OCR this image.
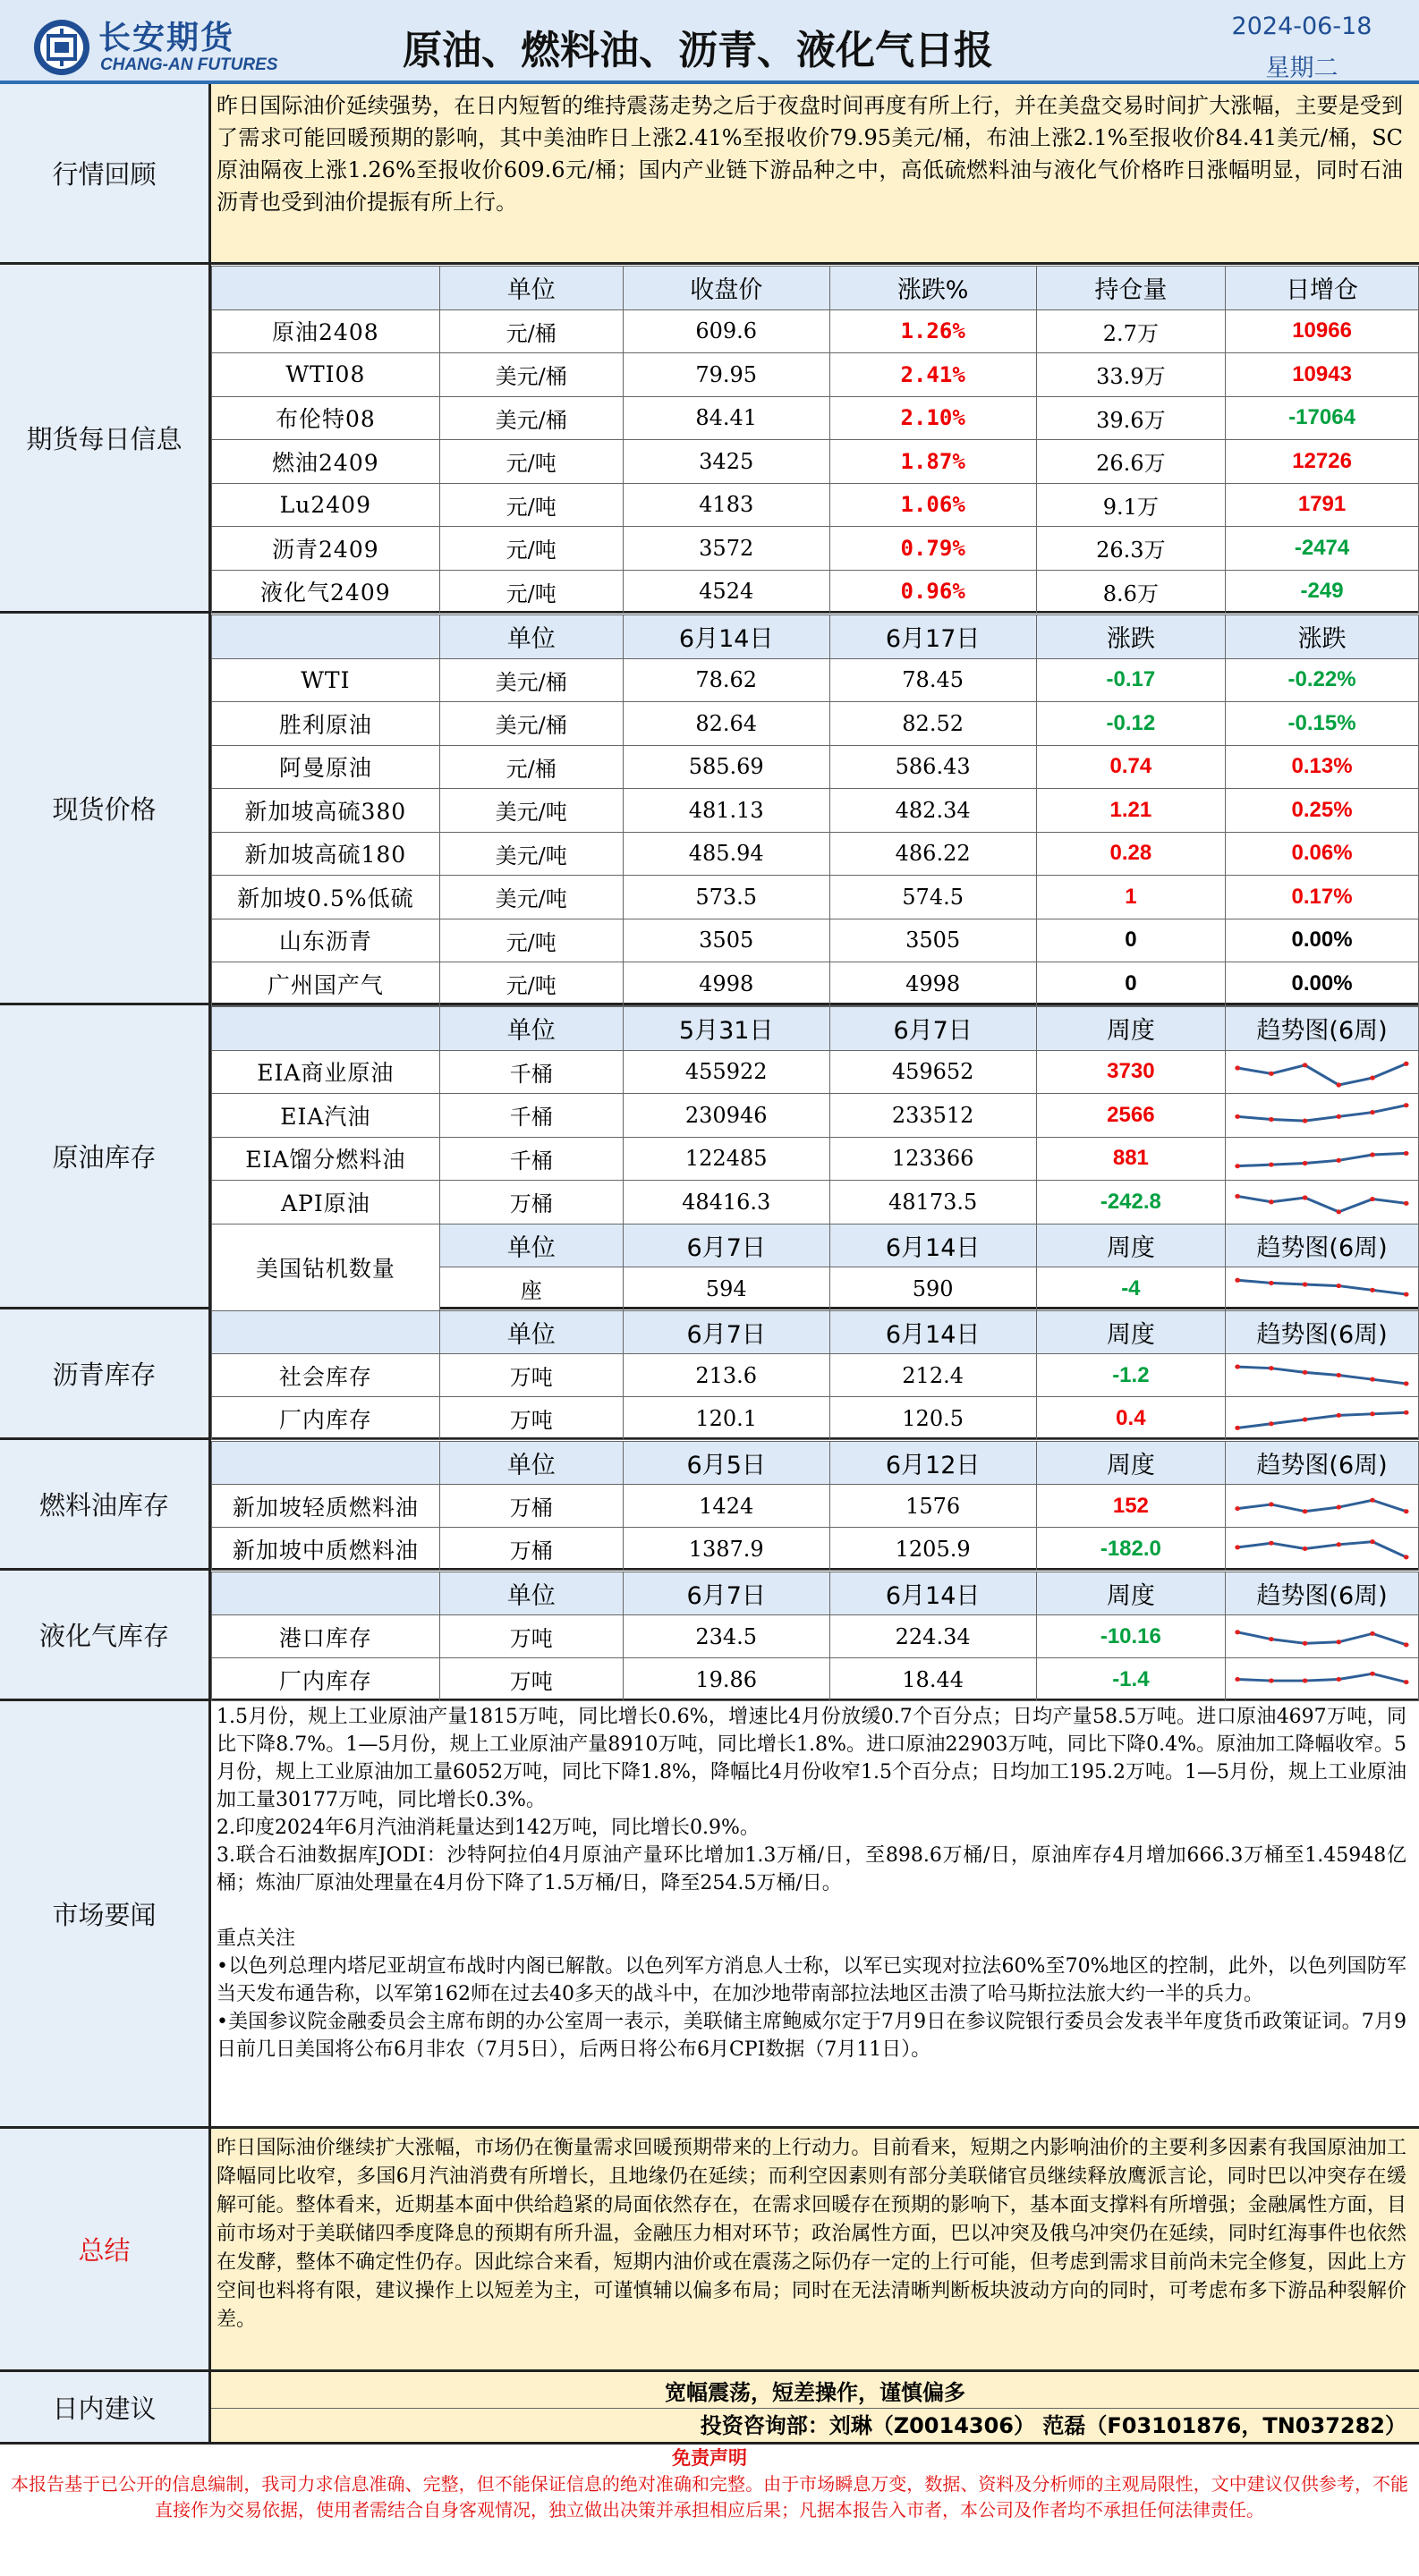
长安期货
CHANG-AN FUTURES	原油、燃料油、沥青、液化气日报
2024-06-18
星期二
行情回顾
昨日国际油价延续强势，在日内短暂的维持震荡走势之后于夜盘时间再度有所上行，并在美盘交易时间扩大涨幅，主要是受到了需求可能回暖预期的影响，其中美油昨日上涨2.41%至报收价79.95美元/桶，布油上涨2.1%至报收价84.41美元/桶，SC原油隔夜上涨1.26%至报收价609.6元/桶；国内产业链下游品种之中，高低硫燃料油与液化气价格昨日涨幅明显，同时石油沥青也受到油价提振有所上行。
期货每日信息
	单位	收盘价	涨跌%	持仓量	日增仓
原油2408	元/桶	609.6	1.26%	2.7万	10966
WTI08	美元/桶	79.95	2.41%	33.9万	10943
布伦特08	美元/桶	84.41	2.10%	39.6万	-17064
燃油2409	元/吨	3425	1.87%	26.6万	12726
Lu2409	元/吨	4183	1.06%	9.1万	1791
沥青2409	元/吨	3572	0.79%	26.3万	-2474
液化气2409	元/吨	4524	0.96%	8.6万	-249
现货价格
	单位	6月14日	6月17日	涨跌	涨跌
WTI	美元/桶	78.62	78.45	-0.17	-0.22%
胜利原油	美元/桶	82.64	82.52	-0.12	-0.15%
阿曼原油	元/桶	585.69	586.43	0.74	0.13%
新加坡高硫380	美元/吨	481.13	482.34	1.21	0.25%
新加坡高硫180	美元/吨	485.94	486.22	0.28	0.06%
新加坡0.5%低硫	美元/吨	573.5	574.5	1	0.17%
山东沥青	元/吨	3505	3505	0	0.00%
广州国产气	元/吨	4998	4998	0	0.00%
原油库存
	单位	5月31日	6月7日	周度	趋势图(6周)
EIA商业原油	千桶	455922	459652	3730	

EIA汽油	千桶	230946	233512	2566	

EIA馏分燃料油	千桶	122485	123366	881	

API原油	万桶	48416.3	48173.5	-242.8	

美国钻机数量	单位	6月7日	6月14日	周度	趋势图(6周)
	座	594	590	-4	
沥青库存
	单位	6月7日	6月14日	周度	趋势图(6周)
社会库存	万吨	213.6	212.4	-1.2	

厂内库存	万吨	120.1	120.5	0.4	
燃料油库存
	单位	6月5日	6月12日	周度	趋势图(6周)
新加坡轻质燃料油	万桶	1424	1576	152	

新加坡中质燃料油	万桶	1387.9	1205.9	-182.0	
液化气库存
	单位	6月7日	6月14日	周度	趋势图(6周)
港口库存	万吨	234.5	224.34	-10.16	

厂内库存	万吨	19.86	18.44	-1.4	
市场要闻

1.5月份，规上工业原油产量1815万吨，同比增长0.6%，增速比4月份放缓0.7个百分点；日均产量58.5万吨。进口原油4697万吨，同比下降8.7%。1—5月份，规上工业原油产量8910万吨，同比增长1.8%。进口原油22903万吨，同比下降0.4%。原油加工降幅收窄。5月份，规上工业原油加工量6052万吨，同比下降1.8%，降幅比4月份收窄1.5个百分点；日均加工195.2万吨。1—5月份，规上工业原油加工量30177万吨，同比增长0.3%。

2.印度2024年6月汽油消耗量达到142万吨，同比增长0.9%。

3.联合石油数据库JODI：沙特阿拉伯4月原油产量环比增加1.3万桶/日，至898.6万桶/日，原油库存4月增加666.3万桶至1.45948亿桶；炼油厂原油处理量在4月份下降了1.5万桶/日，降至254.5万桶/日。

重点关注

•以色列总理内塔尼亚胡宣布战时内阁已解散。以色列军方消息人士称，以军已实现对拉法60%至70%地区的控制，此外，以色列国防军当天发布通告称，以军第162师在过去40多天的战斗中，在加沙地带南部拉法地区击溃了哈马斯拉法旅大约一半的兵力。

•美国参议院金融委员会主席布朗的办公室周一表示，美联储主席鲍威尔定于7月9日在参议院银行委员会发表半年度货币政策证词。7月9日前几日美国将公布6月非农（7月5日），后两日将公布6月CPI数据（7月11日）。

总结
昨日国际油价继续扩大涨幅，市场仍在衡量需求回暖预期带来的上行动力。目前看来，短期之内影响油价的主要利多因素有我国原油加工降幅同比收窄，多国6月汽油消费有所增长，且地缘仍在延续；而利空因素则有部分美联储官员继续释放鹰派言论，同时巴以冲突存在缓解可能。整体看来，近期基本面中供给趋紧的局面依然存在，在需求回暖存在预期的影响下，基本面支撑料有所增强；金融属性方面，目前市场对于美联储四季度降息的预期有所升温，金融压力相对环节；政治属性方面，巴以冲突及俄乌冲突仍在延续，同时红海事件也依然在发酵，整体不确定性仍存。因此综合来看，短期内油价或在震荡之际仍存一定的上行可能，但考虑到需求目前尚未完全修复，因此上方空间也料将有限，建议操作上以短差为主，可谨慎辅以偏多布局；同时在无法清晰判断板块波动方向的同时，可考虑布多下游品种裂解价差。
日内建议
宽幅震荡，短差操作，谨慎偏多
投资咨询部：刘琳（Z0014306） 范磊（F03101876，TN037282）
免责声明
本报告基于已公开的信息编制，我司力求信息准确、完整，但不能保证信息的绝对准确和完整。由于市场瞬息万变，数据、资料及分析师的主观局限性，文中建议仅供参考，不能直接作为交易依据，使用者需结合自身客观情况，独立做出决策并承担相应后果；凡据本报告入市者，本公司及作者均不承担任何法律责任。
